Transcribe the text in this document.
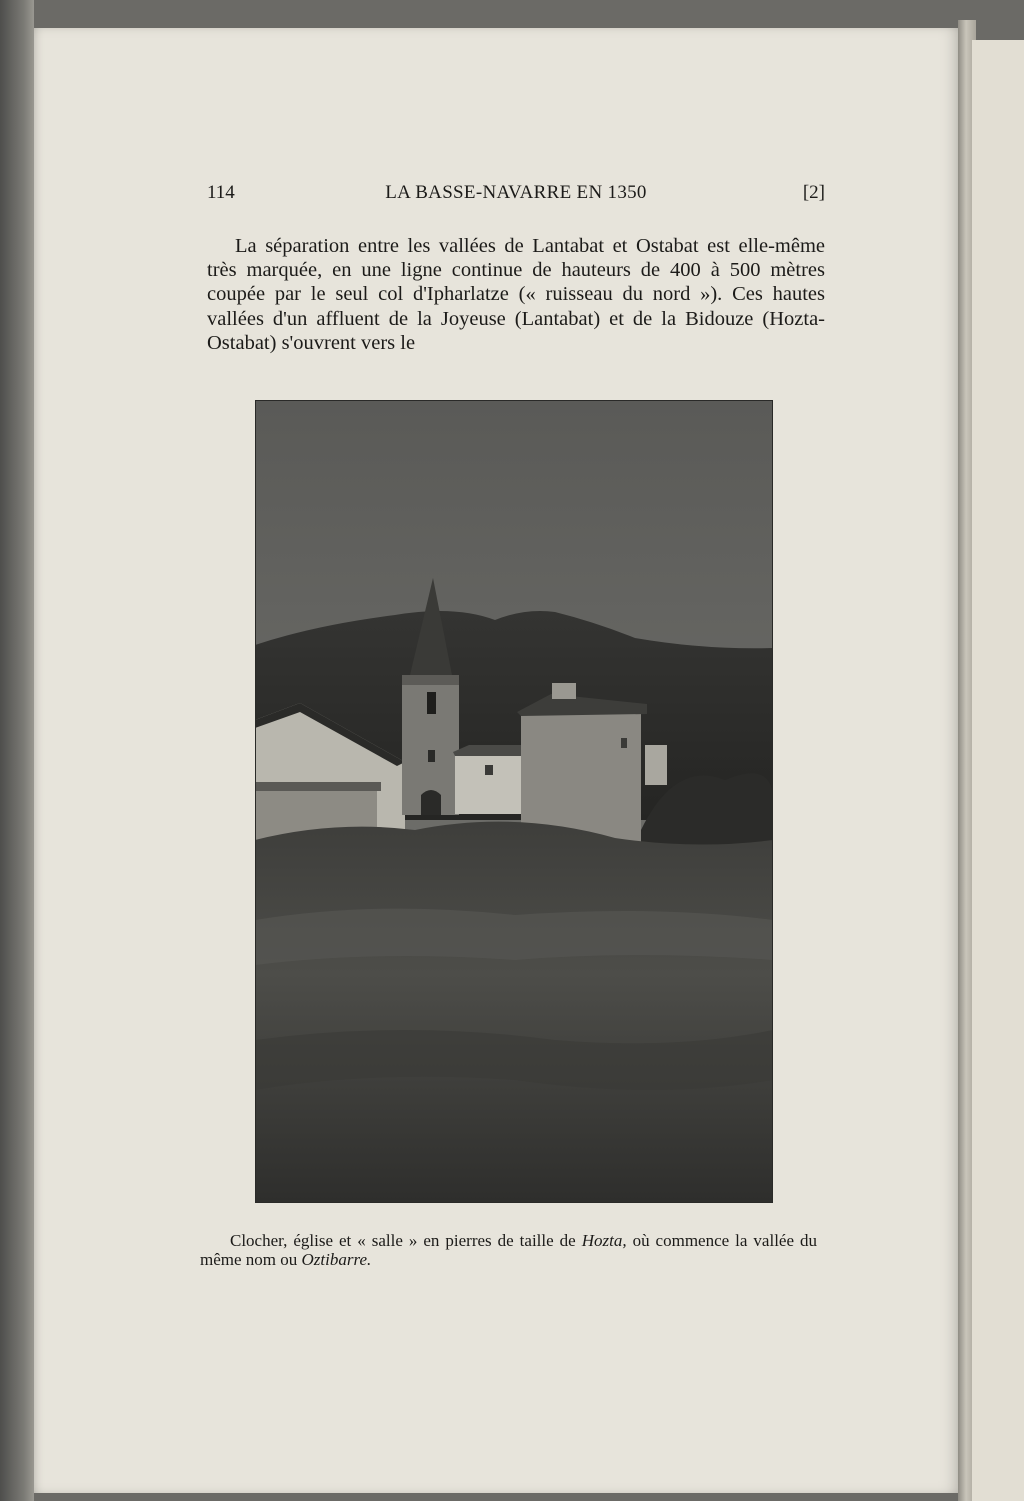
114	LA BASSE-NAVARRE EN 1350	[2]

La séparation entre les vallées de Lantabat et Ostabat est elle-même très marquée, en une ligne continue de hauteurs de 400 à 500 mètres coupée par le seul col d'Ipharlatze (« ruisseau du nord »). Ces hautes vallées d'un affluent de la Joyeuse (Lantabat) et de la Bidouze (Hozta-Ostabat) s'ouvrent vers le

Clocher, église et « salle » en pierres de taille de Hozta, où commence la vallée du même nom ou Oztibarre.
